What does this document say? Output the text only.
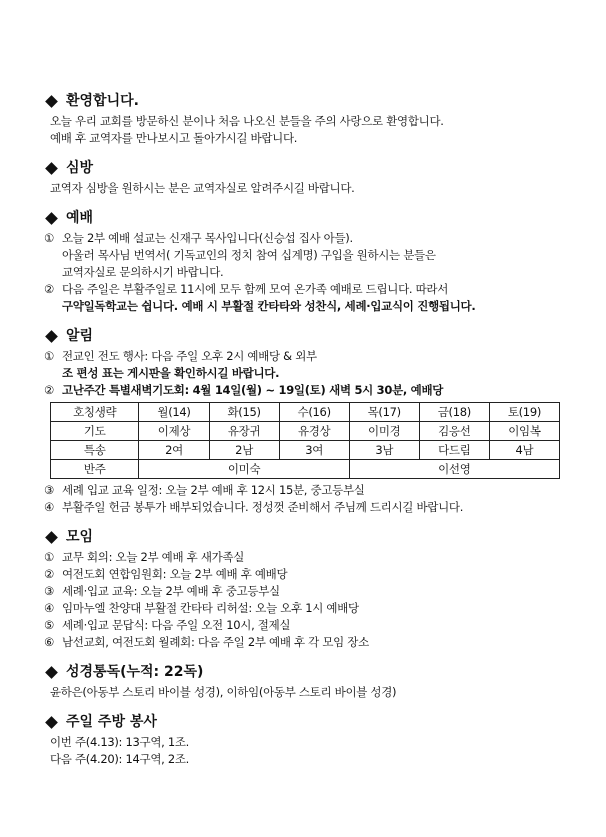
환영합니다.
오늘 우리 교회를 방문하신 분이나 처음 나오신 분들을 주의 사랑으로 환영합니다.
예배 후 교역자를 만나보시고 돌아가시길 바랍니다.
심방
교역자 심방을 원하시는 분은 교역자실로 알려주시길 바랍니다.
예배
① 오늘 2부 예배 설교는 신재구 목사입니다(신승섭 집사 아들).
아울러 목사님 번역서( 기독교인의 정치 참여 십계명) 구입을 원하시는 분들은
교역자실로 문의하시기 바랍니다.
② 다음 주일은 부활주일로 11시에 모두 함께 모여 온가족 예배로 드립니다. 따라서
구약일독학교는 쉽니다. 예배 시 부활절 칸타타와 성찬식, 세례·입교식이 진행됩니다.
알림
① 전교인 전도 행사: 다음 주일 오후 2시 예배당 & 외부
조 편성 표는 게시판을 확인하시길 바랍니다.
② 고난주간 특별새벽기도회: 4월 14일(월) ~ 19일(토) 새벽 5시 30분, 예배당
호칭생략	월(14)	화(15)	수(16)	목(17)	금(18)	토(19)
기도	이제상	유장귀	유경상	이미경	김응선	이임복
특송	2여	2남	3여	3남	다드림	4남
반주	이미숙			이선영		
③ 세례 입교 교육 일정: 오늘 2부 예배 후 12시 15분, 중고등부실
④ 부활주일 헌금 봉투가 배부되었습니다. 정성껏 준비해서 주님께 드리시길 바랍니다.
모임
① 교무 회의: 오늘 2부 예배 후 새가족실
② 여전도회 연합임원회: 오늘 2부 예배 후 예배당
③ 세례·입교 교육: 오늘 2부 예배 후 중고등부실
④ 임마누엘 찬양대 부활절 칸타타 리허설: 오늘 오후 1시 예배당
⑤ 세례·입교 문답식: 다음 주일 오전 10시, 절제실
⑥ 남선교회, 여전도회 월례회: 다음 주일 2부 예배 후 각 모임 장소
성경통독(누적: 22독)
윤하은(아동부 스토리 바이블 성경), 이하임(아동부 스토리 바이블 성경)
주일 주방 봉사
이번 주(4.13): 13구역, 1조.
다음 주(4.20): 14구역, 2조.
